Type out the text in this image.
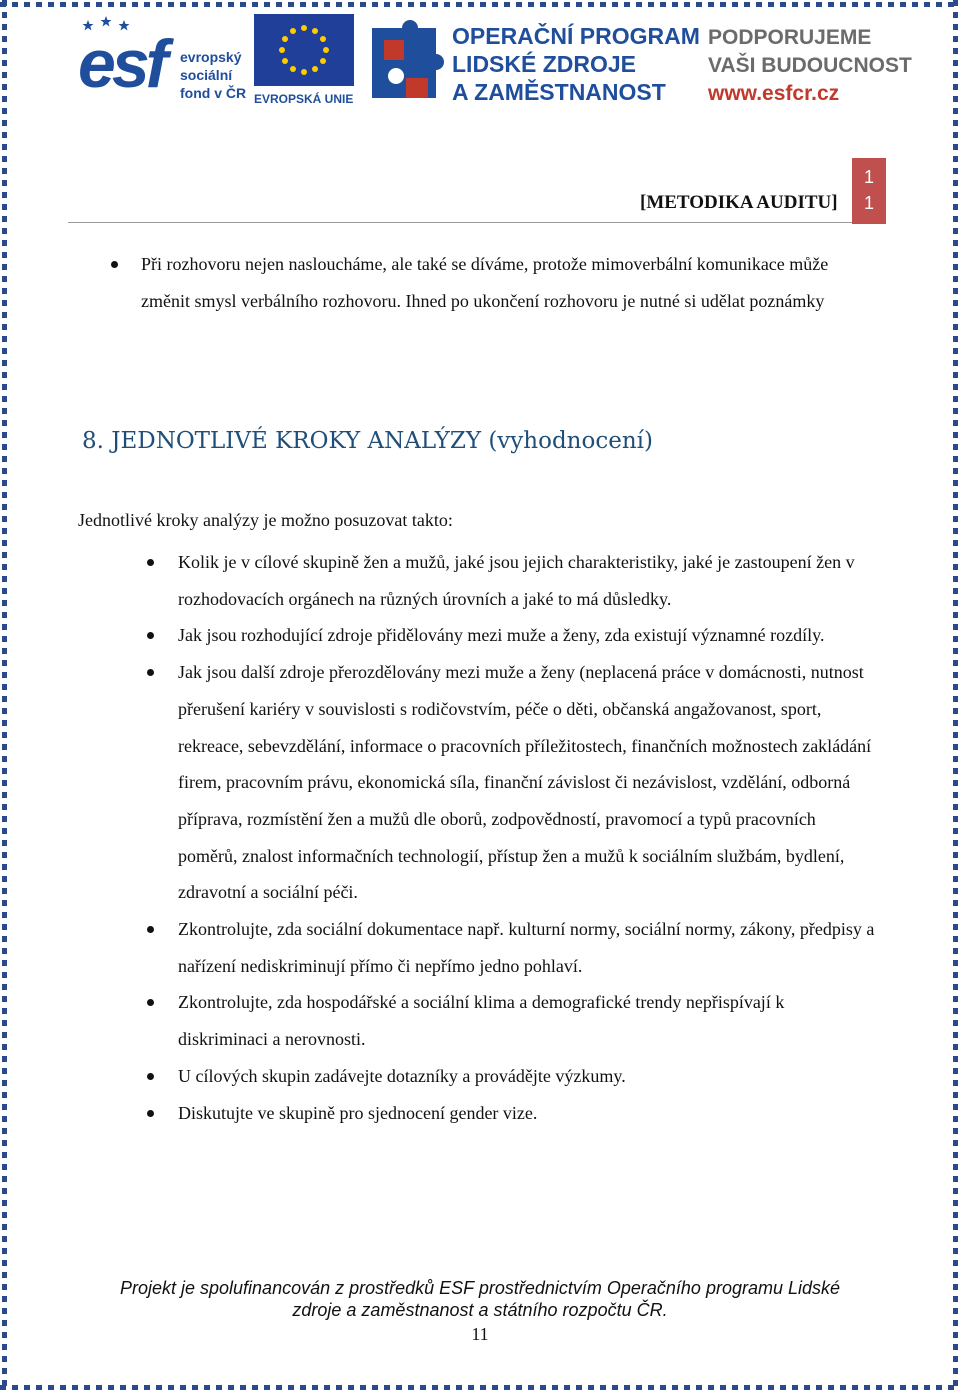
esf evropský
sociální
fond v ČR EVROPSKÁ UNIE
OPERAČNÍ PROGRAM
LIDSKÉ ZDROJE
A ZAMĚSTNANOST
PODPORUJEME
VAŠI BUDOUCNOST
www.esfcr.cz
[METODIKA AUDITU]
1
1
Při rozhovoru nejen nasloucháme, ale také se díváme, protože mimoverbální komunikace může změnit smysl verbálního rozhovoru. Ihned po ukončení rozhovoru je nutné si udělat poznámky
8. JEDNOTLIVÉ KROKY ANALÝZY (vyhodnocení)
Jednotlivé kroky analýzy je možno posuzovat takto:
Kolik je v cílové skupině žen a mužů, jaké jsou jejich charakteristiky, jaké je zastoupení žen v rozhodovacích orgánech na různých úrovních a jaké to má důsledky.
Jak jsou rozhodující zdroje přidělovány mezi muže a ženy, zda existují významné rozdíly.
Jak jsou další zdroje přerozdělovány mezi muže a ženy (neplacená práce v domácnosti, nutnost přerušení kariéry v souvislosti s rodičovstvím, péče o děti, občanská angažovanost, sport, rekreace, sebevzdělání, informace o pracovních příležitostech, finančních možnostech zakládání firem, pracovním právu, ekonomická síla, finanční závislost či nezávislost, vzdělání, odborná příprava, rozmístění žen a mužů dle oborů, zodpovědností, pravomocí a typů pracovních poměrů, znalost informačních technologií, přístup žen a mužů k sociálním službám, bydlení, zdravotní a sociální péči.
Zkontrolujte, zda sociální dokumentace např. kulturní normy, sociální normy, zákony, předpisy a nařízení nediskriminují přímo či nepřímo jedno pohlaví.
Zkontrolujte, zda hospodářské a sociální klima a demografické trendy nepřispívají k diskriminaci a nerovnosti.
U cílových skupin zadávejte dotazníky a provádějte výzkumy.
Diskutujte ve skupině pro sjednocení gender vize.
Projekt je spolufinancován z prostředků ESF prostřednictvím Operačního programu Lidské
zdroje a zaměstnanost a státního rozpočtu ČR.
11
